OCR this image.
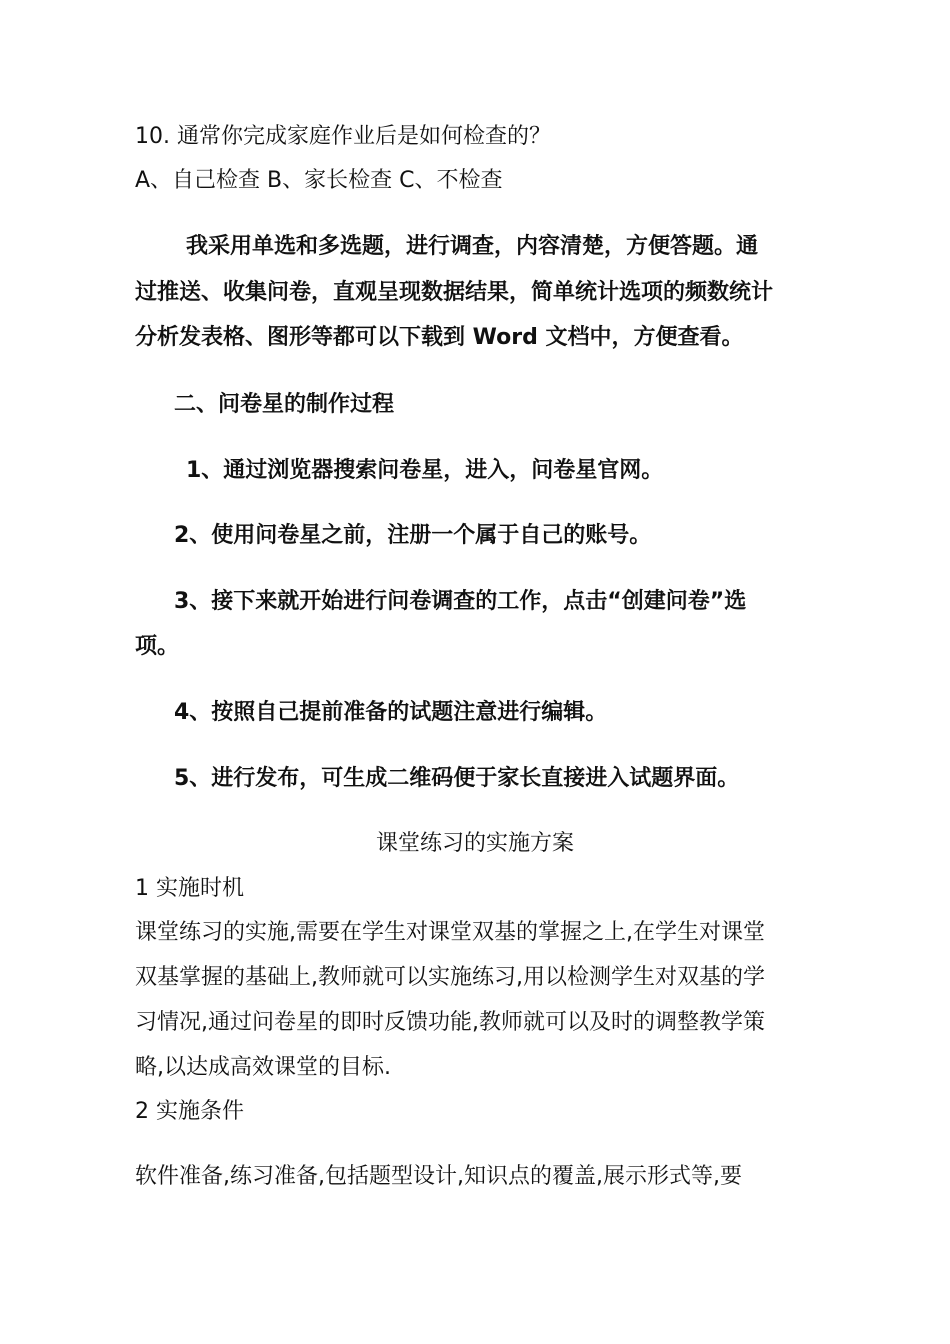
10. 通常你完成家庭作业后是如何检查的？
A、自己检查 B、家长检查 C、不检查
我采用单选和多选题，进行调查，内容清楚，方便答题。通
过推送、收集问卷，直观呈现数据结果，简单统计选项的频数统计
分析发表格、图形等都可以下载到 Word 文档中，方便查看。
二、问卷星的制作过程
1、通过浏览器搜索问卷星，进入，问卷星官网。
2、使用问卷星之前，注册一个属于自己的账号。
3、接下来就开始进行问卷调查的工作，点击“创建问卷”选
项。
4、按照自己提前准备的试题注意进行编辑。
5、进行发布，可生成二维码便于家长直接进入试题界面。
课堂练习的实施方案
1 实施时机
课堂练习的实施,需要在学生对课堂双基的掌握之上,在学生对课堂
双基掌握的基础上,教师就可以实施练习,用以检测学生对双基的学
习情况,通过问卷星的即时反馈功能,教师就可以及时的调整教学策
略,以达成高效课堂的目标.
2 实施条件
软件准备,练习准备,包括题型设计,知识点的覆盖,展示形式等,要
